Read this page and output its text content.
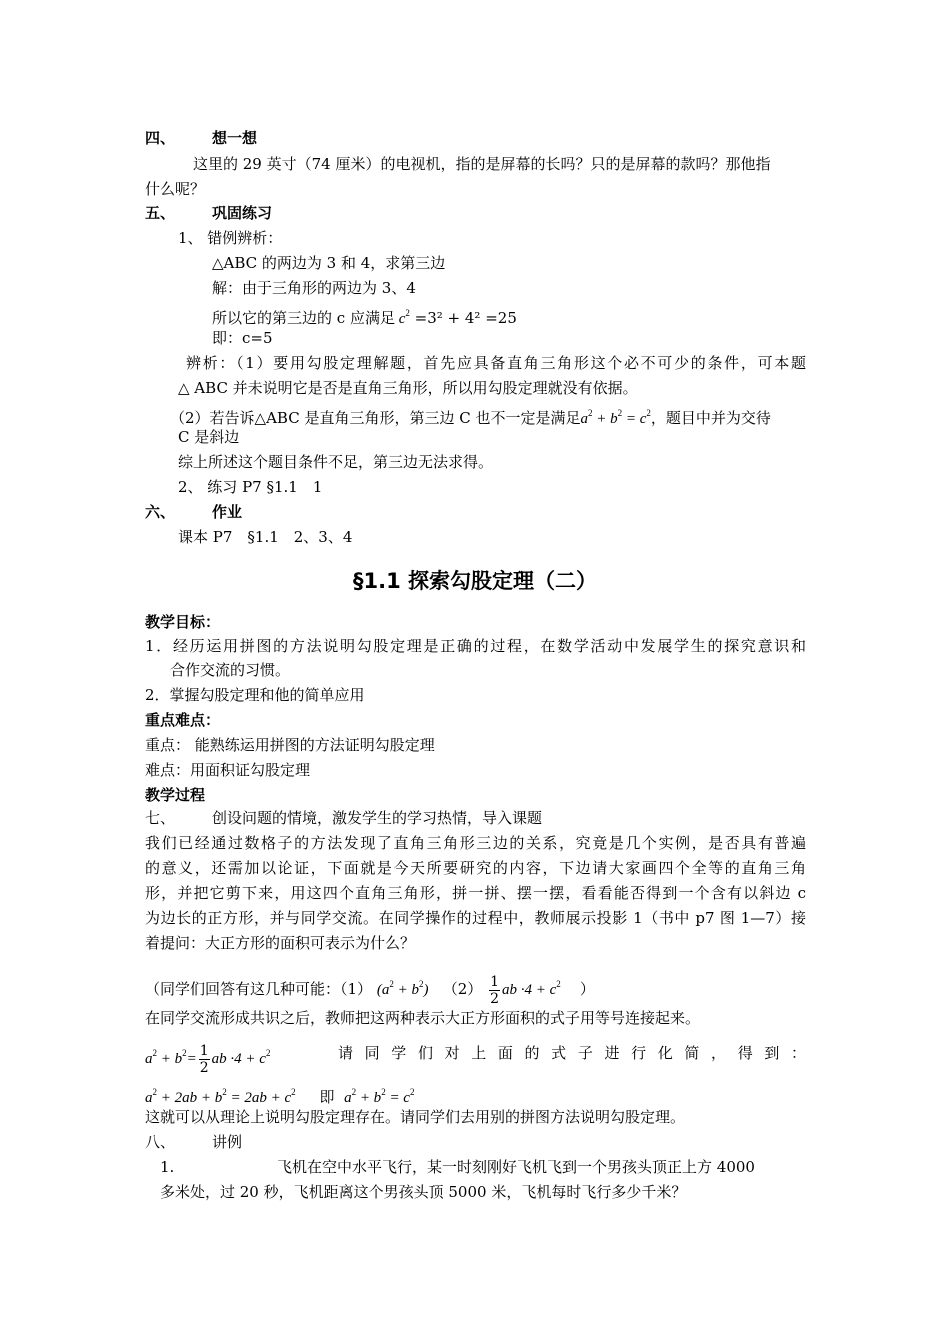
四、 想一想
这里的 29 英寸（74 厘米）的电视机，指的是屏幕的长吗？只的是屏幕的款吗？那他指
什么呢？
五、 巩固练习
1、 错例辨析：
△ABC 的两边为 3 和 4，求第三边
解：由于三角形的两边为 3、4
所以它的第三边的 c 应满足 $c^2 =3^2 + 4^2 =25$
即：c=5
辨析：（1）要用勾股定理解题，首先应具备直角三角形这个必不可少的条件，可本题
△ ABC 并未说明它是否是直角三角形，所以用勾股定理就没有依据。
（2）若告诉△ABC 是直角三角形，第三边 C 也不一定是满足$a^2 + b^2 = c^2$，题目中并为交待
C 是斜边
综上所述这个题目条件不足，第三边无法求得。
2、 练习 P7 §1.1　1
六、 作业
课本 P7　§1.1　2、3、4
§1.1 探索勾股定理（二）
教学目标：
1．经历运用拼图的方法说明勾股定理是正确的过程，在数学活动中发展学生的探究意识和
合作交流的习惯。
2．掌握勾股定理和他的简单应用
重点难点：
重点： 能熟练运用拼图的方法证明勾股定理
难点：用面积证勾股定理
教学过程
七、 创设问题的情境，激发学生的学习热情，导入课题
我们已经通过数格子的方法发现了直角三角形三边的关系，究竟是几个实例，是否具有普遍
的意义，还需加以论证，下面就是今天所要研究的内容，下边请大家画四个全等的直角三角
形，并把它剪下来，用这四个直角三角形，拼一拼、摆一摆，看看能否得到一个含有以斜边 c
为边长的正方形，并与同学交流。在同学操作的过程中，教师展示投影 1（书中 p7 图 1—7）接
着提问：大正方形的面积可表示为什么？
（同学们回答有这几种可能：（1） $(a^2 + b^2)$ $(2) \frac{1}{2}$ ab $\cdot 4 + c^2$ ）
在同学交流形成共识之后，教师把这两种表示大正方形面积的式子用等号连接起来。
$a^2 + b^2= \frac{1}{2}$ ab $\cdot 4 + c^2$	请同学们对上面的式子进行化简，得到：
$a^2 + 2ab + b^2 = 2ab + c^2$ 即 $a^2 + b^2 = c^2$
这就可以从理论上说明勾股定理存在。请同学们去用别的拼图方法说明勾股定理。
八、 讲例
1.	飞机在空中水平飞行，某一时刻刚好飞机飞到一个男孩头顶正上方 4000
多米处，过 20 秒，飞机距离这个男孩头顶 5000 米，飞机每时飞行多少千米？
